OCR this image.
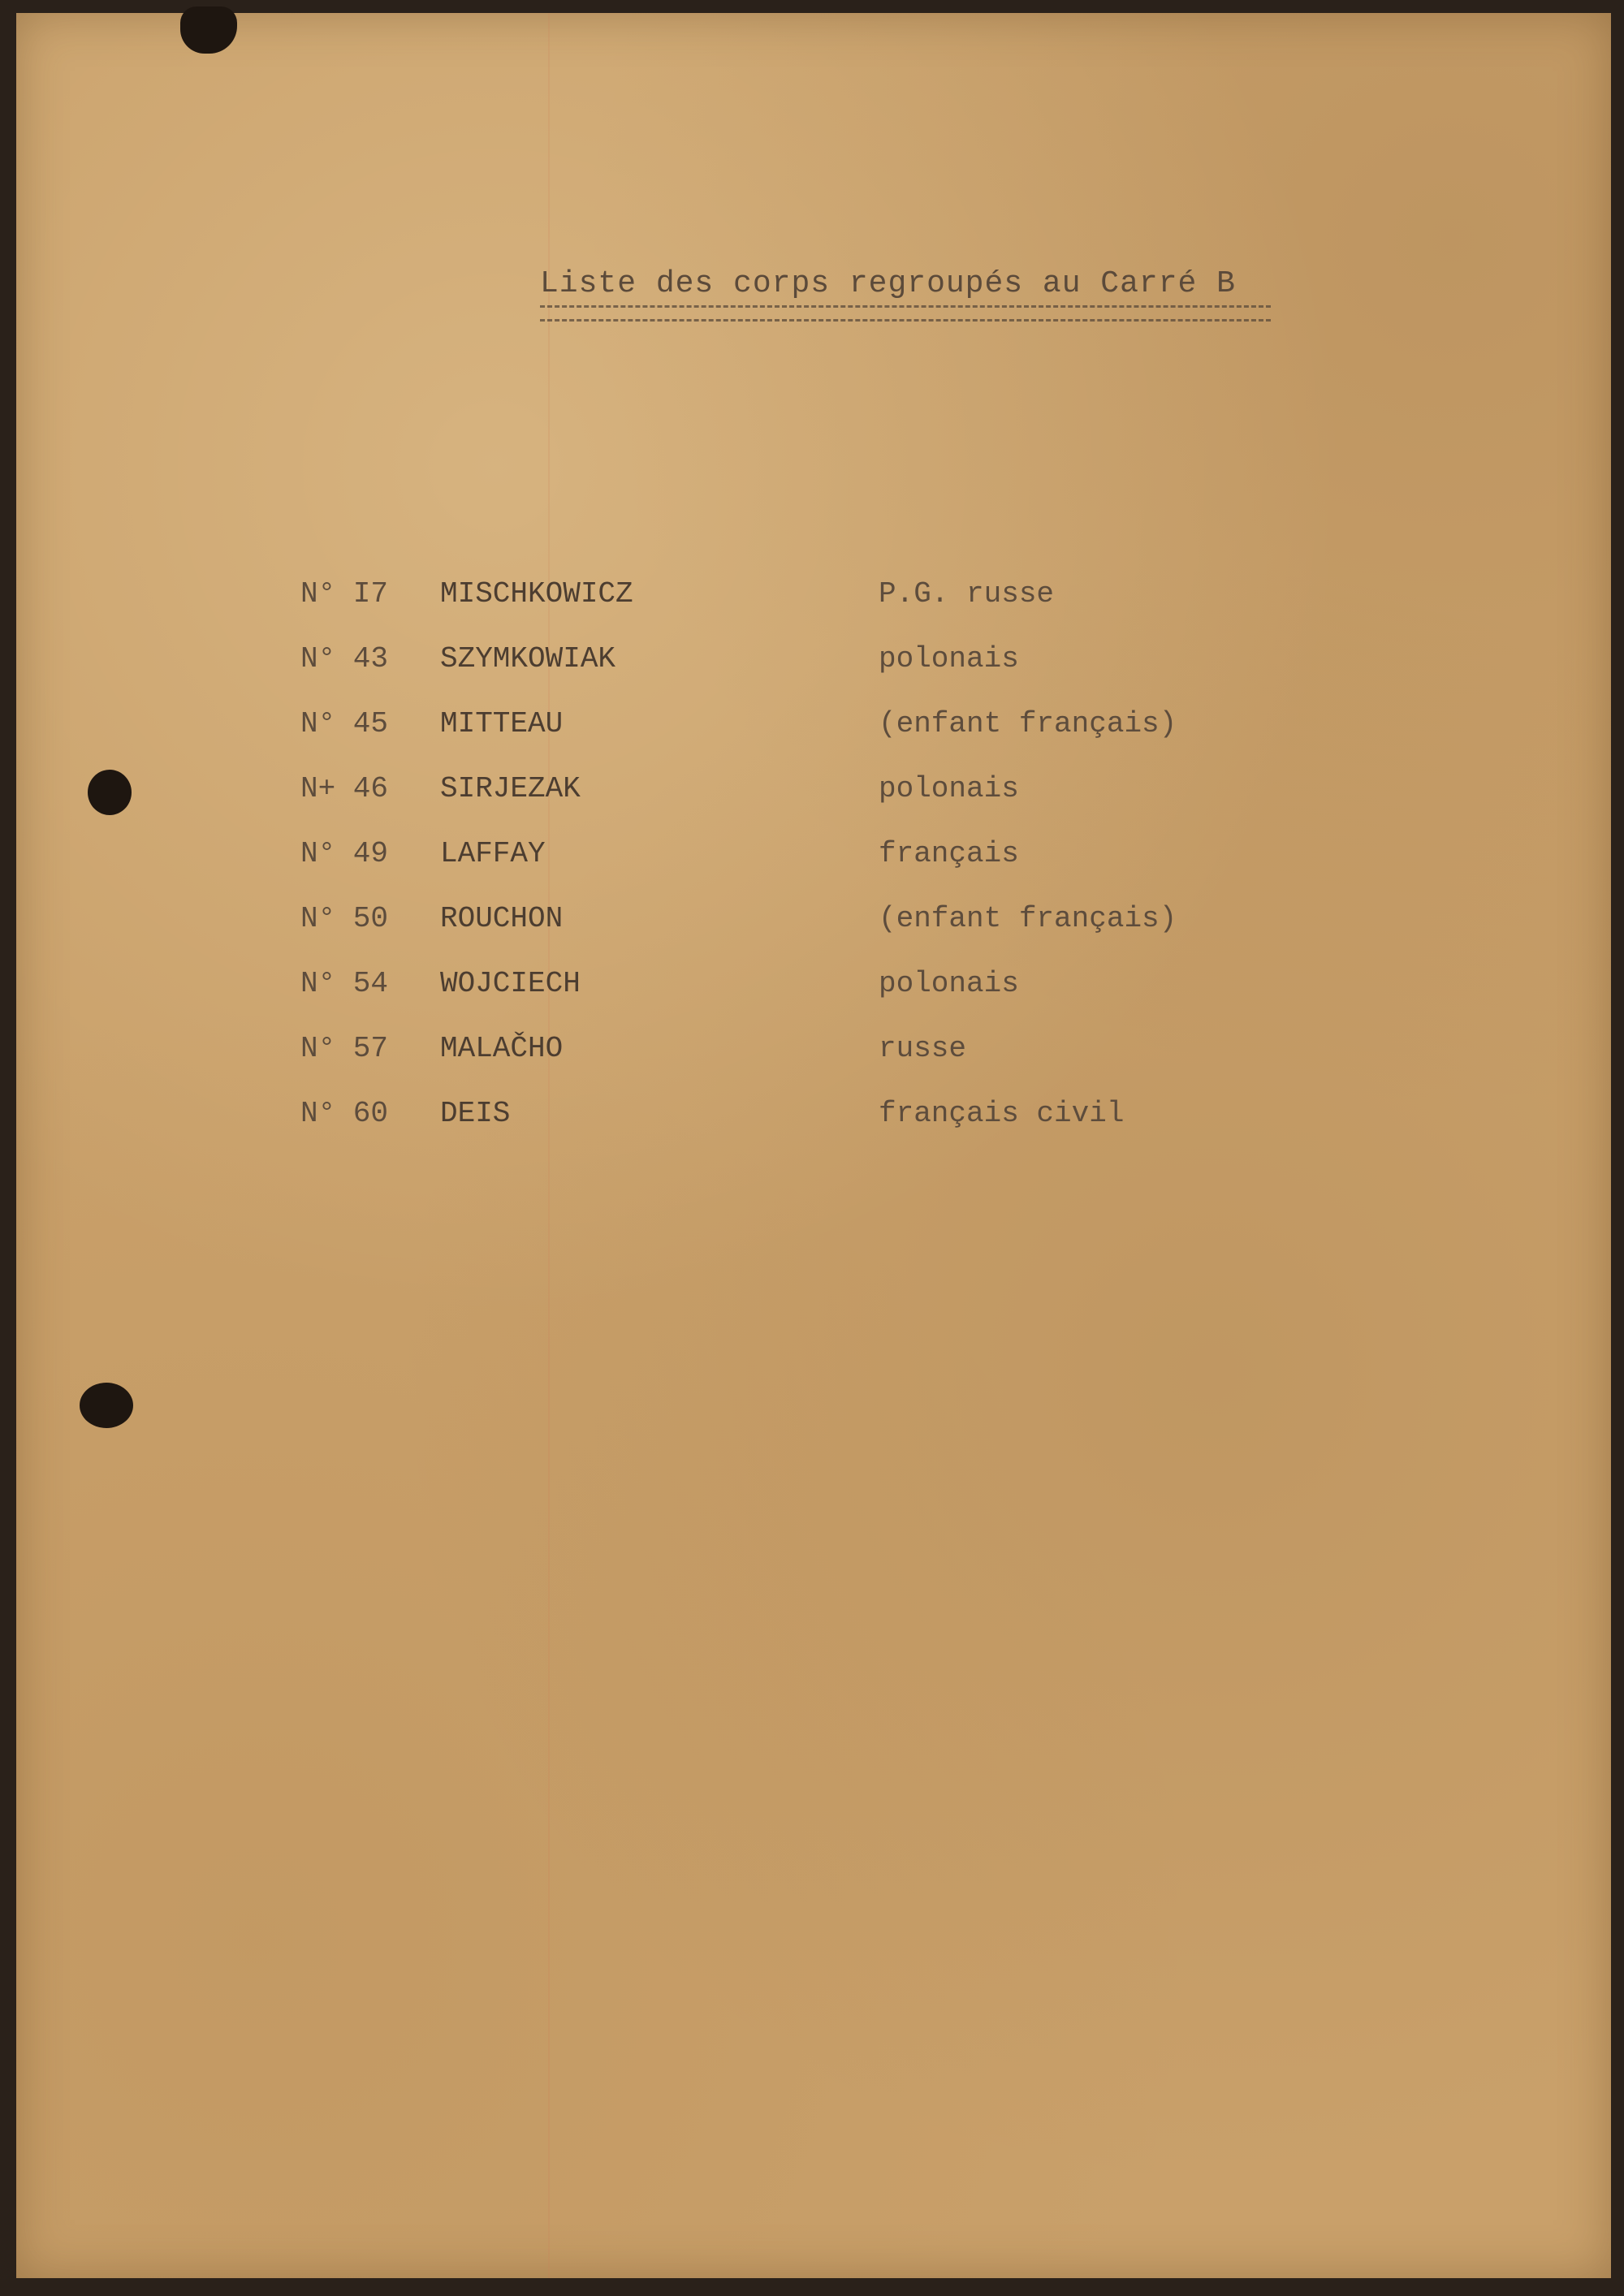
Liste des corps regroupés au Carré B
N° I7 MISCHKOWICZ	P.G. russe
N° 43 SZYMKOWIAK	polonais
N° 45 MITTEAU	(enfant français)
N+ 46 SIRJEZAK	polonais
N° 49 LAFFAY	français
N° 50 ROUCHON	(enfant français)
N° 54 WOJCIECH	polonais
N° 57 MALAČHO	russe
N° 60 DEIS	français civil
